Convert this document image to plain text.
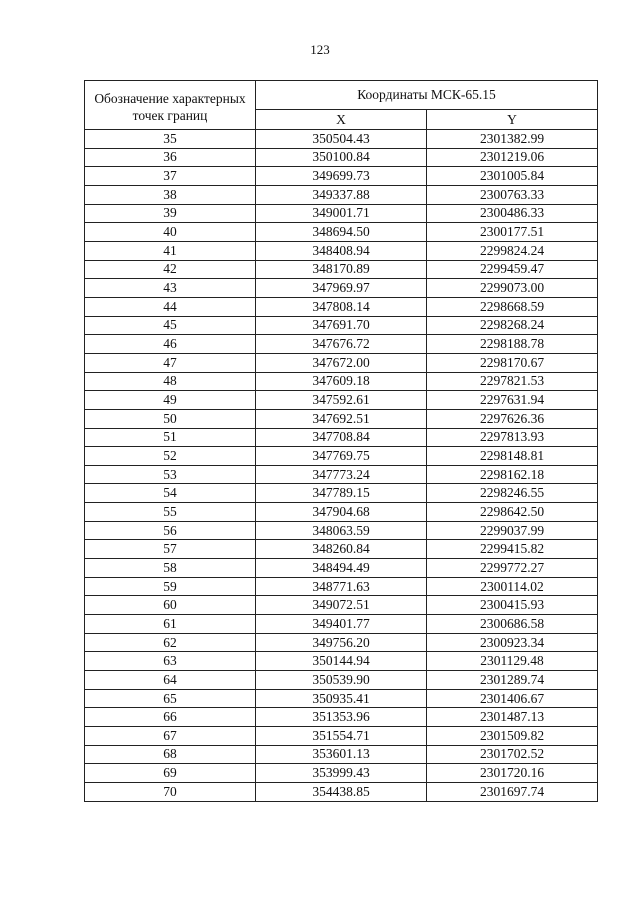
123
Обозначение характерных точек границ	Координаты МСК-65.15	
	X	Y
35	350504.43	2301382.99
36	350100.84	2301219.06
37	349699.73	2301005.84
38	349337.88	2300763.33
39	349001.71	2300486.33
40	348694.50	2300177.51
41	348408.94	2299824.24
42	348170.89	2299459.47
43	347969.97	2299073.00
44	347808.14	2298668.59
45	347691.70	2298268.24
46	347676.72	2298188.78
47	347672.00	2298170.67
48	347609.18	2297821.53
49	347592.61	2297631.94
50	347692.51	2297626.36
51	347708.84	2297813.93
52	347769.75	2298148.81
53	347773.24	2298162.18
54	347789.15	2298246.55
55	347904.68	2298642.50
56	348063.59	2299037.99
57	348260.84	2299415.82
58	348494.49	2299772.27
59	348771.63	2300114.02
60	349072.51	2300415.93
61	349401.77	2300686.58
62	349756.20	2300923.34
63	350144.94	2301129.48
64	350539.90	2301289.74
65	350935.41	2301406.67
66	351353.96	2301487.13
67	351554.71	2301509.82
68	353601.13	2301702.52
69	353999.43	2301720.16
70	354438.85	2301697.74
